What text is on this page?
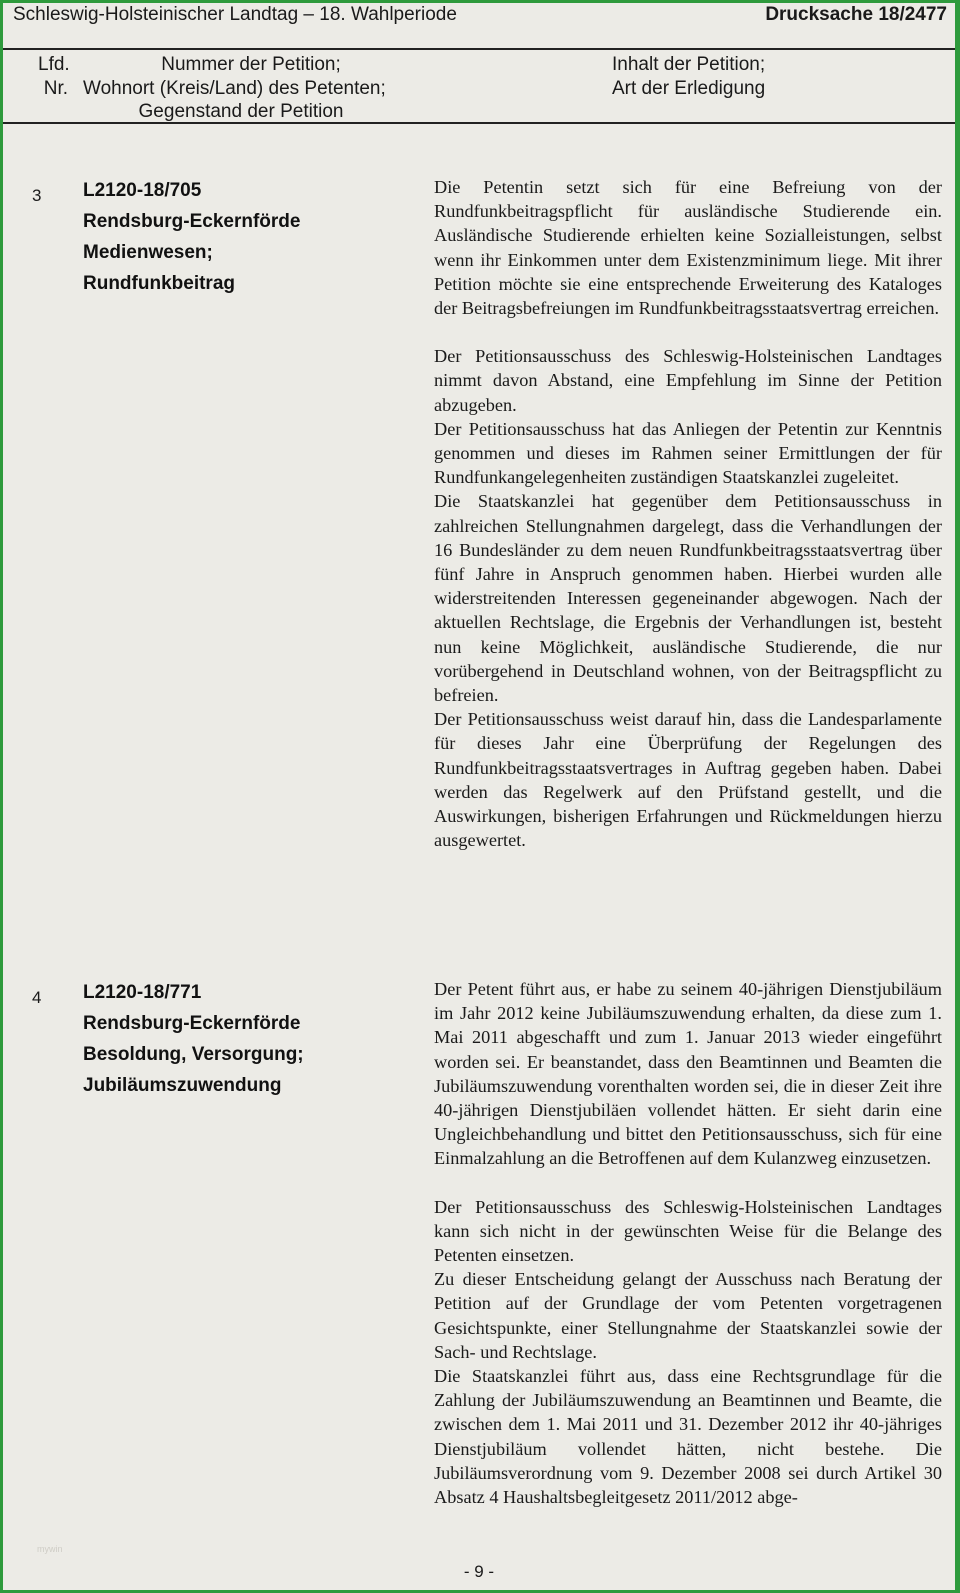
Schleswig-Holsteinischer Landtag – 18. Wahlperiode	Drucksache 18/2477
Lfd.
Nr.
Nummer der Petition;
Wohnort (Kreis/Land) des Petenten;
Gegenstand der Petition
Inhalt der Petition;
Art der Erledigung
3 L2120-18/705
Rendsburg-Eckernförde
Medienwesen;
Rundfunkbeitrag

Die Petentin setzt sich für eine Befreiung von der Rundfunkbeitragspflicht für ausländische Studierende ein. Ausländische Studierende erhielten keine Sozialleistungen, selbst wenn ihr Einkommen unter dem Existenzminimum liege. Mit ihrer Petition möchte sie eine entsprechende Erweiterung des Kataloges der Beitragsbefreiungen im Rundfunkbeitragsstaatsvertrag erreichen.

Der Petitionsausschuss des Schleswig-Holsteinischen Landtages nimmt davon Abstand, eine Empfehlung im Sinne der Petition abzugeben.

Der Petitionsausschuss hat das Anliegen der Petentin zur Kenntnis genommen und dieses im Rahmen seiner Ermittlungen der für Rundfunkangelegenheiten zuständigen Staatskanzlei zugeleitet.

Die Staatskanzlei hat gegenüber dem Petitionsausschuss in zahlreichen Stellungnahmen dargelegt, dass die Verhandlungen der 16 Bundesländer zu dem neuen Rundfunkbeitragsstaatsvertrag über fünf Jahre in Anspruch genommen haben. Hierbei wurden alle widerstreitenden Interessen gegeneinander abgewogen. Nach der aktuellen Rechtslage, die Ergebnis der Verhandlungen ist, besteht nun keine Möglichkeit, ausländische Studierende, die nur vorübergehend in Deutschland wohnen, von der Beitragspflicht zu befreien.

Der Petitionsausschuss weist darauf hin, dass die Landesparlamente für dieses Jahr eine Überprüfung der Regelungen des Rundfunkbeitragsstaatsvertrages in Auftrag gegeben haben. Dabei werden das Regelwerk auf den Prüfstand gestellt, und die Auswirkungen, bisherigen Erfahrungen und Rückmeldungen hierzu ausgewertet.

4 L2120-18/771
Rendsburg-Eckernförde
Besoldung, Versorgung;
Jubiläumszuwendung

Der Petent führt aus, er habe zu seinem 40-jährigen Dienstjubiläum im Jahr 2012 keine Jubiläumszuwendung erhalten, da diese zum 1. Mai 2011 abgeschafft und zum 1. Januar 2013 wieder eingeführt worden sei. Er beanstandet, dass den Beamtinnen und Beamten die Jubiläumszuwendung vorenthalten worden sei, die in dieser Zeit ihre 40-jährigen Dienstjubiläen vollendet hätten. Er sieht darin eine Ungleichbehandlung und bittet den Petitionsausschuss, sich für eine Einmalzahlung an die Betroffenen auf dem Kulanzweg einzusetzen.

Der Petitionsausschuss des Schleswig-Holsteinischen Landtages kann sich nicht in der gewünschten Weise für die Belange des Petenten einsetzen.

Zu dieser Entscheidung gelangt der Ausschuss nach Beratung der Petition auf der Grundlage der vom Petenten vorgetragenen Gesichtspunkte, einer Stellungnahme der Staatskanzlei sowie der Sach- und Rechtslage.

Die Staatskanzlei führt aus, dass eine Rechtsgrundlage für die Zahlung der Jubiläumszuwendung an Beamtinnen und Beamte, die zwischen dem 1. Mai 2011 und 31. Dezember 2012 ihr 40-jähriges Dienstjubiläum vollendet hätten, nicht bestehe. Die Jubiläumsverordnung vom 9. Dezember 2008 sei durch Artikel 30 Absatz 4 Haushaltsbegleitgesetz 2011/2012 abge-

mywin
- 9 -
